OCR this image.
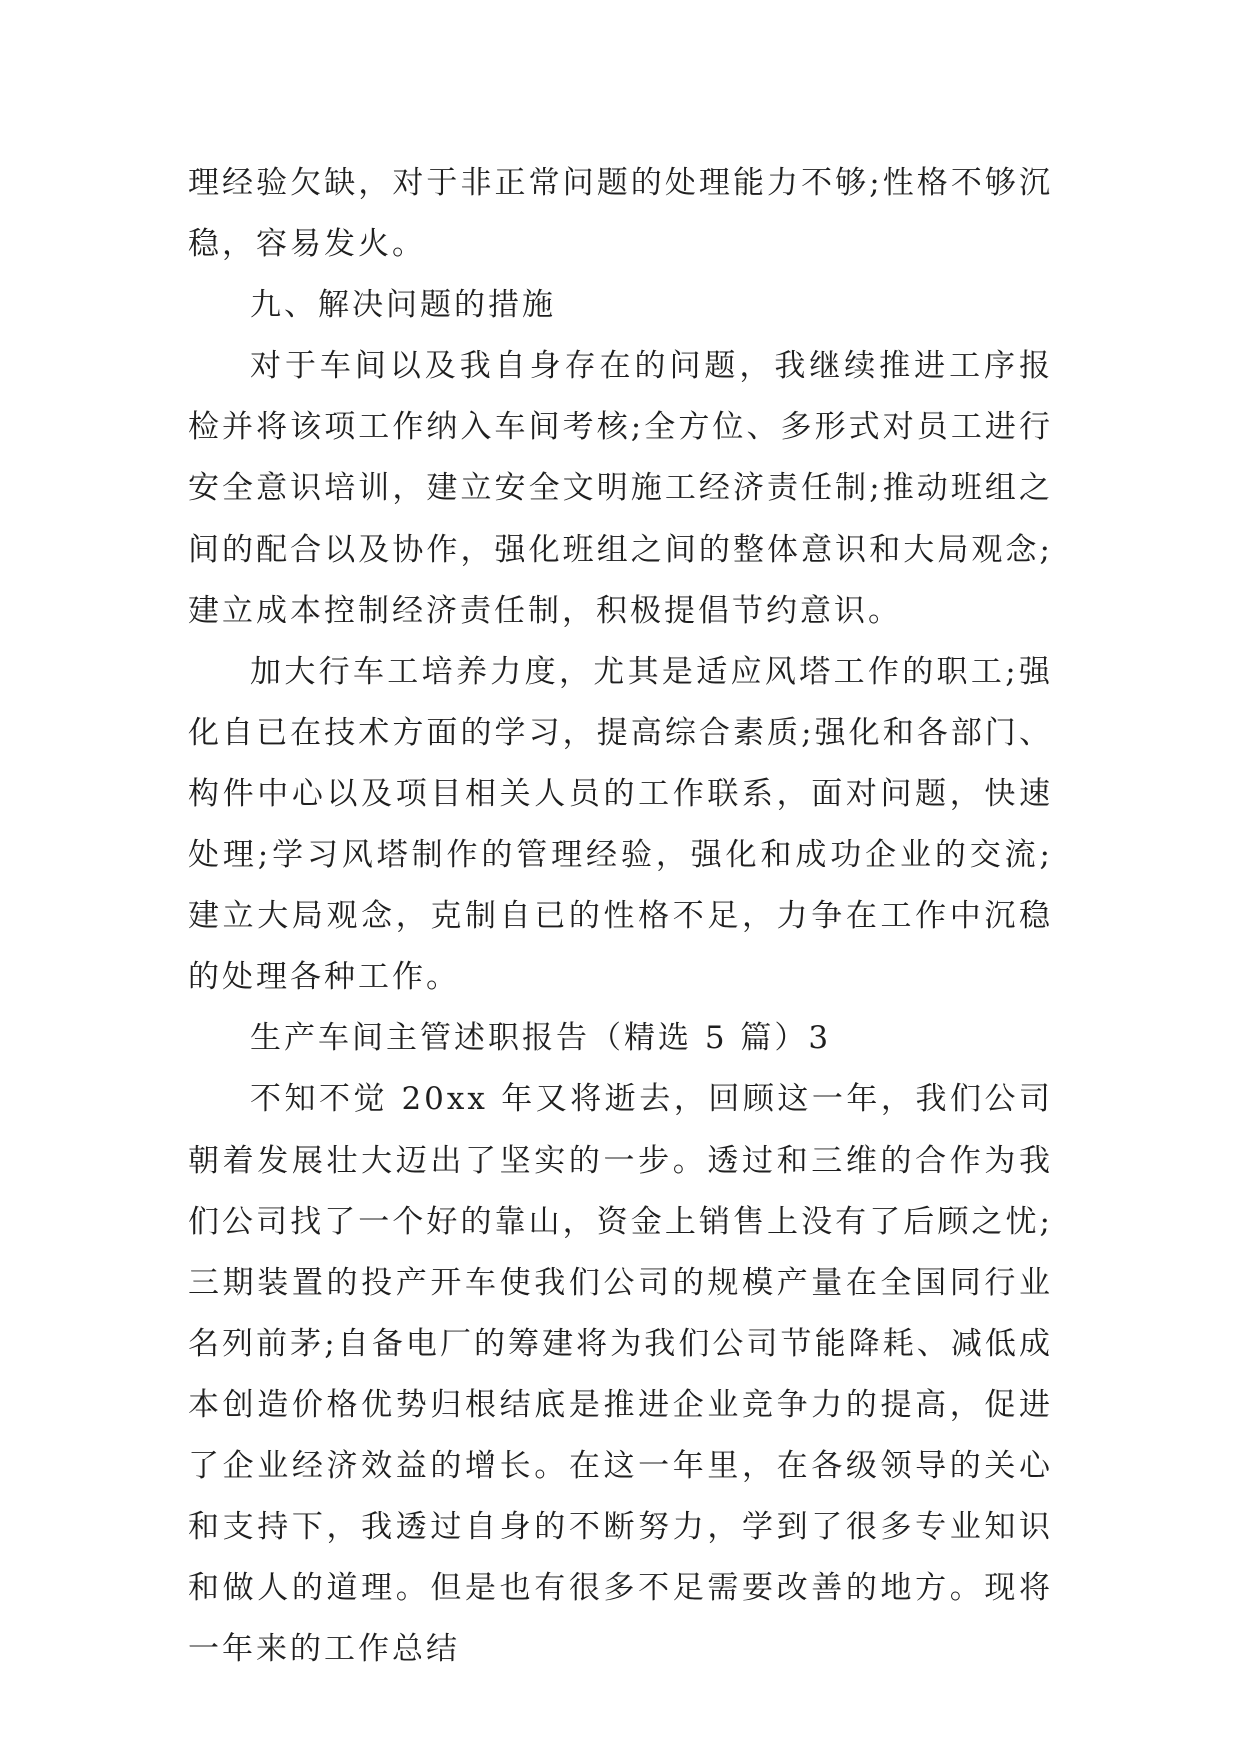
理经验欠缺，对于非正常问题的处理能力不够;性格不够沉稳，容易发火。

九、解决问题的措施

对于车间以及我自身存在的问题，我继续推进工序报检并将该项工作纳入车间考核;全方位、多形式对员工进行安全意识培训，建立安全文明施工经济责任制;推动班组之间的配合以及协作，强化班组之间的整体意识和大局观念;建立成本控制经济责任制，积极提倡节约意识。

加大行车工培养力度，尤其是适应风塔工作的职工;强化自已在技术方面的学习，提高综合素质;强化和各部门、构件中心以及项目相关人员的工作联系，面对问题，快速处理;学习风塔制作的管理经验，强化和成功企业的交流;建立大局观念，克制自已的性格不足，力争在工作中沉稳的处理各种工作。

生产车间主管述职报告（精选 5 篇）3

不知不觉 20xx 年又将逝去，回顾这一年，我们公司朝着发展壮大迈出了坚实的一步。透过和三维的合作为我们公司找了一个好的靠山，资金上销售上没有了后顾之忧;三期装置的投产开车使我们公司的规模产量在全国同行业名列前茅;自备电厂的筹建将为我们公司节能降耗、减低成本创造价格优势归根结底是推进企业竞争力的提高，促进了企业经济效益的增长。在这一年里，在各级领导的关心和支持下，我透过自身的不断努力，学到了很多专业知识和做人的道理。但是也有很多不足需要改善的地方。现将一年来的工作总结
